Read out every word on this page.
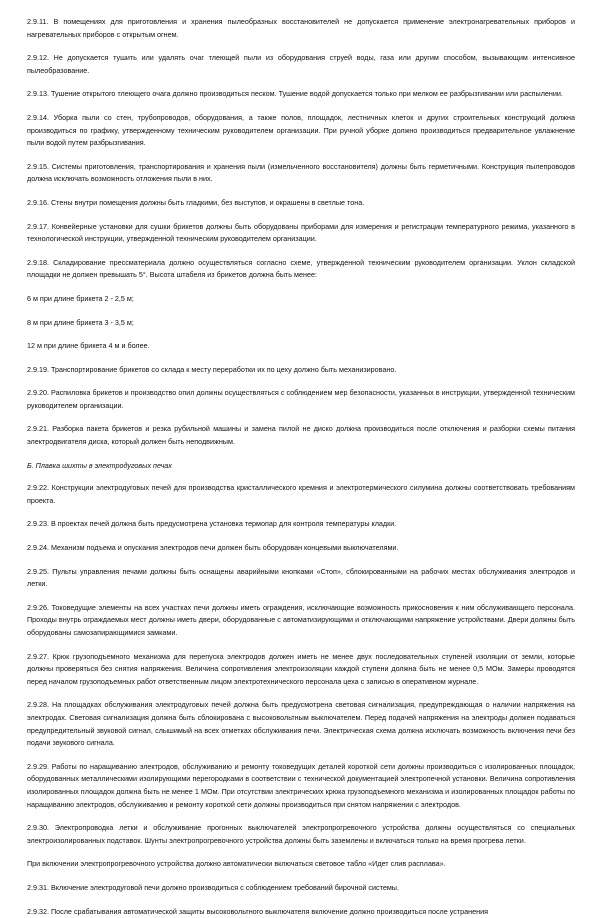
2.9.11. В помещениях для приготовления и хранения пылеобразных восстановителей не допускается применение электронагревательных приборов и нагревательных приборов с открытым огнем.
2.9.12. Не допускается тушить или удалять очаг тлеющей пыли из оборудования струей воды, газа или другим способом, вызывающим интенсивное пылеобразование.
2.9.13. Тушение открытого тлеющего очага должно производиться песком. Тушение водой допускается только при мелком ее разбрызгивании или распылении.
2.9.14. Уборка пыли со стен, трубопроводов, оборудования, а также полов, площадок, лестничных клеток и других строительных конструкций должна производиться по графику, утвержденному техническим руководителем организации. При ручной уборке должно производиться предварительное увлажнение пыли водой путем разбрызгивания.
2.9.15. Системы приготовления, транспортирования и хранения пыли (измельченного восстановителя) должны быть герметичными. Конструкция пылепроводов должна исключать возможность отложения пыли в них.
2.9.16. Стены внутри помещения должны быть гладкими, без выступов, и окрашены в светлые тона.
2.9.17. Конвейерные установки для сушки брикетов должны быть оборудованы приборами для измерения и регистрации температурного режима, указанного в технологической инструкции, утвержденной техническим руководителем организации.
2.9.18. Складирование прессматериала должно осуществляться согласно схеме, утвержденной техническим руководителем организации. Уклон складской площадки не должен превышать 5°. Высота штабеля из брикетов должна быть менее:
6 м при длине брикета 2 - 2,5 м;
8 м при длине брикета 3 - 3,5 м;
12 м при длине брикета 4 м и более.
2.9.19. Транспортирование брикетов со склада к месту переработки их по цеху должно быть механизировано.
2.9.20. Распиловка брикетов и производство опил должны осуществляться с соблюдением мер безопасности, указанных в инструкции, утвержденной техническим руководителем организации.
2.9.21. Разборка пакета брикетов и резка рубильной машины и замена пилой не диско должна производиться после отключения и разборки схемы питания электродвигателя диска, который должен быть неподвижным.
Б. Плавка шихты в электродуговых печах
2.9.22. Конструкции электродуговых печей для производства кристаллического кремния и электротермического силумина должны соответствовать требованиям проекта.
2.9.23. В проектах печей должна быть предусмотрена установка термопар для контроля температуры кладки.
2.9.24. Механизм подъема и опускания электродов печи должен быть оборудован концевыми выключателями.
2.9.25. Пульты управления печами должны быть оснащены аварийными кнопками «Стоп», сблокированными на рабочих местах обслуживания электродов и летки.
2.9.26. Токоведущие элементы на всех участках печи должны иметь ограждения, исключающие возможность прикосновения к ним обслуживающего персонала. Проходы внутрь ограждаемых мест должны иметь двери, оборудованные с автоматизирующими и отключающими напряжение устройствами. Двери должны быть оборудованы самозапирающимися замками.
2.9.27. Крюк грузоподъемного механизма для перепуска электродов должен иметь не менее двух последовательных ступеней изоляции от земли, которые должны проверяться без снятия напряжения. Величина сопротивления электроизоляции каждой ступени должна быть не менее 0,5 МОм. Замеры проводятся перед началом грузоподъемных работ ответственным лицом электротехнического персонала цеха с записью в оперативном журнале.
2.9.28. На площадках обслуживания электродуговых печей должна быть предусмотрена световая сигнализация, предупреждающая о наличии напряжения на электродах. Световая сигнализация должна быть сблокирована с высоковольтным выключателем. Перед подачей напряжения на электроды должен подаваться предупредительный звуковой сигнал, слышимый на всех отметках обслуживания печи. Электрическая схема должна исключать возможность включения печи без подачи звукового сигнала.
2.9.29. Работы по наращиванию электродов, обслуживанию и ремонту токоведущих деталей короткой сети должны производиться с изолированных площадок, оборудованных металлическими изолирующими перегородками в соответствии с технической документацией электропечной установки. Величина сопротивления изолированных площадок должна быть не менее 1 МОм. При отсутствии электрических крюка грузоподъемного механизма и изолированных площадок работы по наращиванию электродов, обслуживанию и ремонту короткой сети должны производиться при снятом напряжении с электродов.
2.9.30. Электропроводка летки и обслуживание прогонных выключателей электропрогревочного устройства должны осуществляться со специальных электроизолированных подставок. Шунты электропрогревочного устройства должны быть заземлены и включаться только на время прогрева летки.
При включении электропрогревочного устройства должно автоматически включаться световое табло «Идет слив расплава».
2.9.31. Включение электродуговой печи должно производиться с соблюдением требований бирочной системы.
2.9.32. После срабатывания автоматической защиты высоковольтного выключателя включение должно производиться после устранения
